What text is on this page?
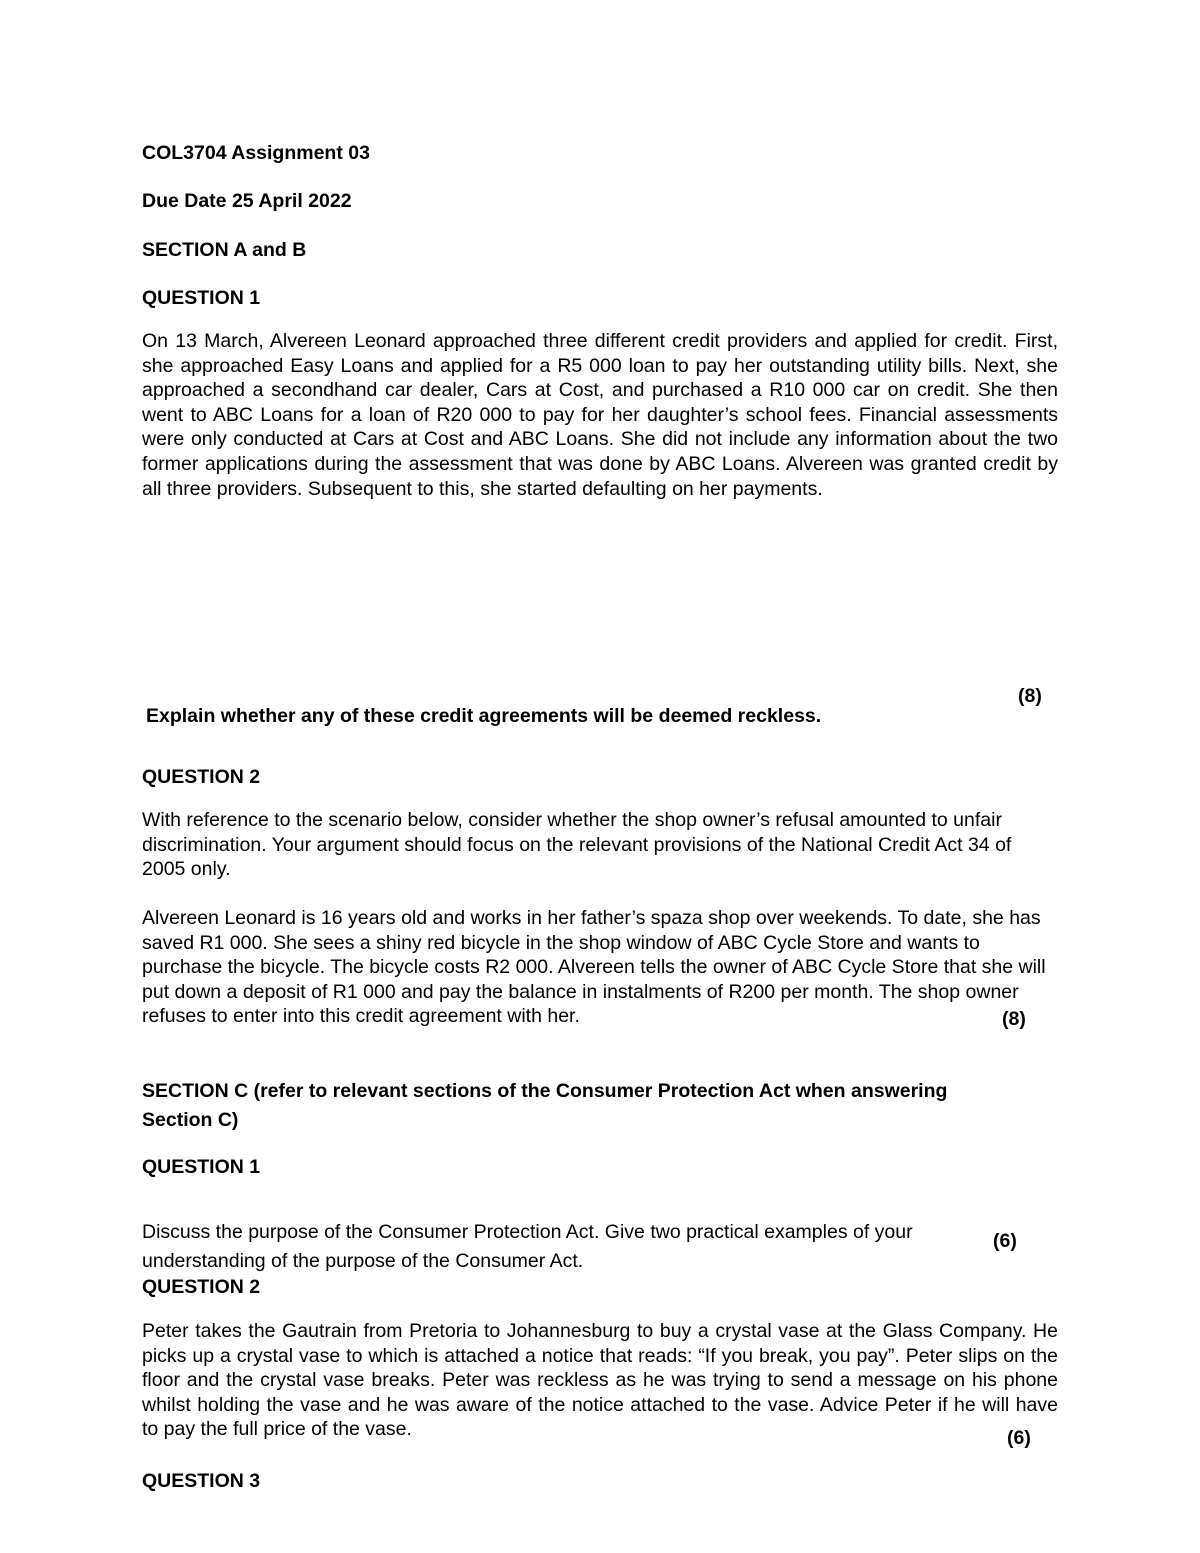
COL3704 Assignment 03

Due Date 25 April 2022

SECTION A and B

QUESTION 1

On 13 March, Alvereen Leonard approached three different credit providers and applied for credit. First, she approached Easy Loans and applied for a R5 000 loan to pay her outstanding utility bills. Next, she approached a secondhand car dealer, Cars at Cost, and purchased a R10 000 car on credit. She then went to ABC Loans for a loan of R20 000 to pay for her daughter’s school fees. Financial assessments were only conducted at Cars at Cost and ABC Loans. She did not include any information about the two former applications during the assessment that was done by ABC Loans. Alvereen was granted credit by all three providers. Subsequent to this, she started defaulting on her payments.

Explain whether any of these credit agreements will be deemed reckless.

(8)

QUESTION 2

With reference to the scenario below, consider whether the shop owner’s refusal amounted to unfair discrimination. Your argument should focus on the relevant provisions of the National Credit Act 34 of 2005 only.

Alvereen Leonard is 16 years old and works in her father’s spaza shop over weekends. To date, she has saved R1 000. She sees a shiny red bicycle in the shop window of ABC Cycle Store and wants to purchase the bicycle. The bicycle costs R2 000. Alvereen tells the owner of ABC Cycle Store that she will put down a deposit of R1 000 and pay the balance in instalments of R200 per month. The shop owner refuses to enter into this credit agreement with her.	(8)

SECTION C (refer to relevant sections of the Consumer Protection Act when answering

Section C)

QUESTION 1

Discuss the purpose of the Consumer Protection Act. Give two practical examples of your

understanding of the purpose of the Consumer Act.

(6)

QUESTION 2

Peter takes the Gautrain from Pretoria to Johannesburg to buy a crystal vase at the Glass Company. He picks up a crystal vase to which is attached a notice that reads: “If you break, you pay”. Peter slips on the floor and the crystal vase breaks. Peter was reckless as he was trying to send a message on his phone whilst holding the vase and he was aware of the notice attached to the vase. Advice Peter if he will have to pay the full price of the vase.	(6)

QUESTION 3
